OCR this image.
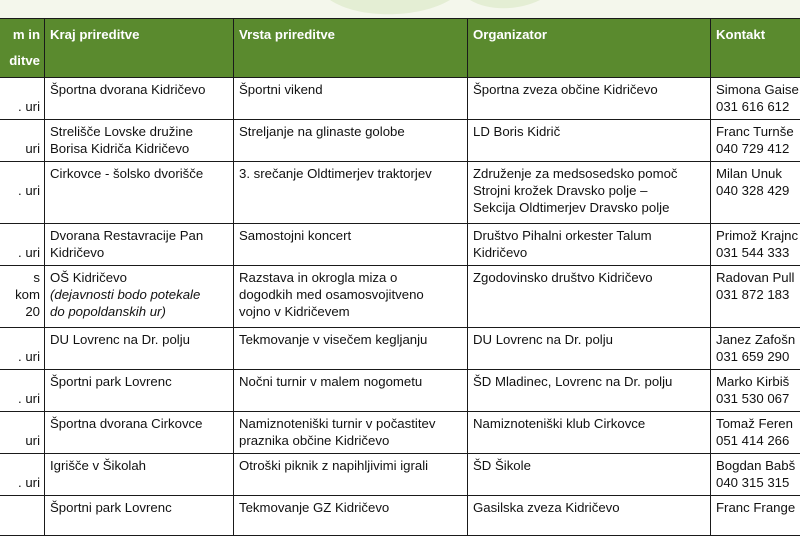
m in
ditve	Kraj prireditve	Vrsta prireditve	Organizator	Kontakt

. uri	Športna dvorana Kidričevo	Športni vikend	Športna zveza občine Kidričevo	Simona Gaise
031 616 612

uri	Strelišče Lovske družine
Borisa Kidriča Kidričevo	Streljanje na glinaste golobe	LD Boris Kidrič	Franc Turnše
040 729 412

. uri	Cirkovce - šolsko dvorišče	3. srečanje Oldtimerjev traktorjev	Združenje za medsosedsko pomoč
Strojni krožek Dravsko polje –
Sekcija Oldtimerjev Dravsko polje	Milan Unuk
040 328 429

. uri	Dvorana Restavracije Pan
Kidričevo	Samostojni koncert	Društvo Pihalni orkester Talum
Kidričevo	Primož Krajnc
031 544 333

s
kom
20	OŠ Kidričevo
(dejavnosti bodo potekale
do popoldanskih ur)	Razstava in okrogla miza o
dogodkih med osamosvojitveno
vojno v Kidričevem	Zgodovinsko društvo Kidričevo	Radovan Pull
031 872 183

. uri	DU Lovrenc na Dr. polju	Tekmovanje v visečem kegljanju	DU Lovrenc na Dr. polju	Janez Zafošn
031 659 290

. uri	Športni park Lovrenc	Nočni turnir v malem nogometu	ŠD Mladinec, Lovrenc na Dr. polju	Marko Kirbiš
031 530 067

uri	Športna dvorana Cirkovce	Namiznoteniški turnir v počastitev
praznika občine Kidričevo	Namiznoteniški klub Cirkovce	Tomaž Feren
051 414 266

. uri	Igrišče v Šikolah	Otroški piknik z napihljivimi igrali	ŠD Šikole	Bogdan Babš
040 315 315

	Športni park Lovrenc	Tekmovanje GZ Kidričevo	Gasilska zveza Kidričevo	Franc Frange
